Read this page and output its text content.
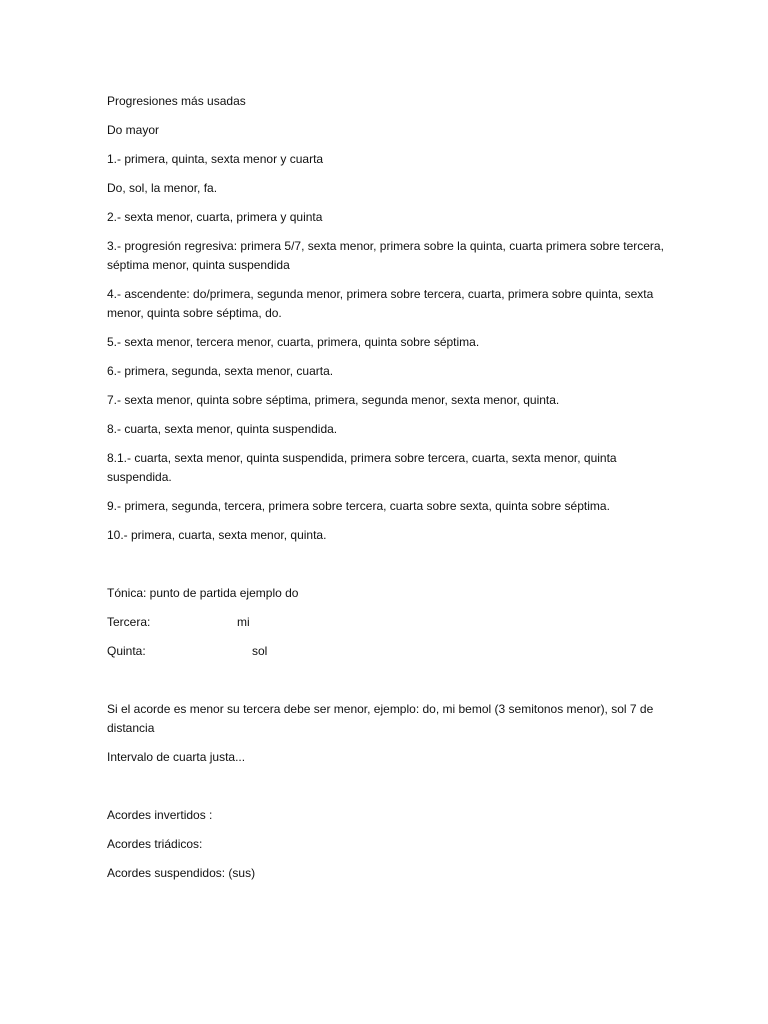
Progresiones más usadas

Do mayor

1.- primera, quinta, sexta menor y cuarta

Do, sol, la menor, fa.

2.- sexta menor, cuarta, primera y quinta

3.- progresión regresiva: primera 5/7, sexta menor, primera sobre la quinta, cuarta primera sobre tercera, séptima menor, quinta suspendida

4.- ascendente: do/primera, segunda menor, primera sobre tercera, cuarta, primera sobre quinta, sexta menor, quinta sobre séptima, do.

5.- sexta menor, tercera menor, cuarta, primera, quinta sobre séptima.

6.- primera, segunda, sexta menor, cuarta.

7.- sexta menor, quinta sobre séptima, primera, segunda menor, sexta menor, quinta.

8.- cuarta, sexta menor, quinta suspendida.

8.1.- cuarta, sexta menor, quinta suspendida, primera sobre tercera, cuarta, sexta menor, quinta suspendida.

9.- primera, segunda, tercera, primera sobre tercera, cuarta sobre sexta, quinta sobre séptima.

10.- primera, cuarta, sexta menor, quinta.

Tónica: punto de partida ejemplo do

Tercera:	mi
Quinta:	sol

Si el acorde es menor su tercera debe ser menor, ejemplo: do, mi bemol (3 semitonos menor), sol 7 de distancia

Intervalo de cuarta justa...

Acordes invertidos :

Acordes triádicos:

Acordes suspendidos: (sus)
